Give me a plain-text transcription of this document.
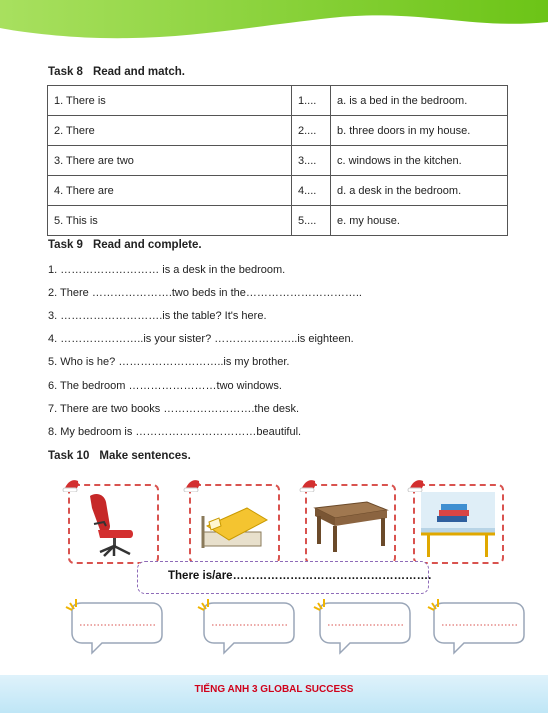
Task 8 Read and match.
1. There is	1....	a. is a bed in the bedroom.
2. There	2....	b. three doors in my house.
3. There are two	3....	c. windows in the kitchen.
4. There are	4....	d. a desk in the bedroom.
5. This is	5....	e. my house.
Task 9 Read and complete.
1. ……………………… is a desk in the bedroom.
2. There ………………….two beds in the…………………………..
3. ……………………….is the table? It's here.
4. …………………..is your sister? …………………..is eighteen.
5. Who is he? ………………………..is my brother.
6. The bedroom ……………………two windows.
7. There are two books …………………….the desk.
8. My bedroom is ……………………………beautiful.
Task 10 Make sentences.
There is/are…………………………………………….
TIẾNG ANH 3 GLOBAL SUCCESS
